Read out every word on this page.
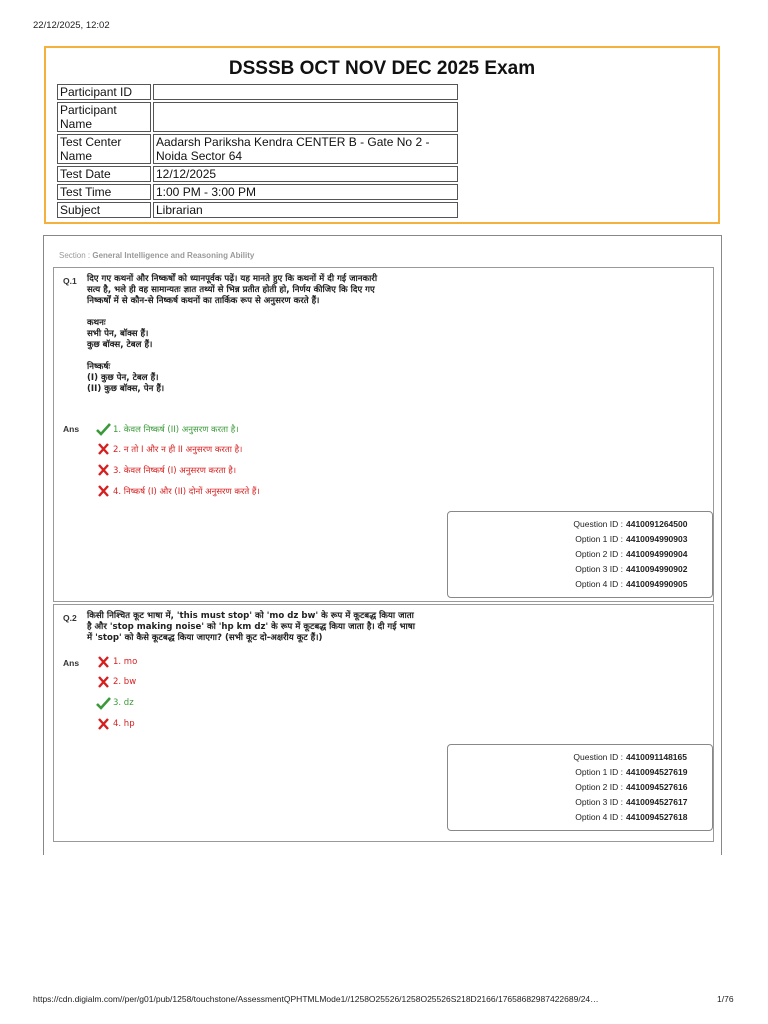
22/12/2025, 12:02
DSSSB OCT NOV DEC 2025 Exam
Participant ID	
Participant Name	
Test Center Name	Aadarsh Pariksha Kendra CENTER B - Gate No 2 - Noida Sector 64
Test Date	12/12/2025
Test Time	1:00 PM - 3:00 PM
Subject	Librarian
Section : General Intelligence and Reasoning Ability
Q.1 दिए गए कथनों और निष्कर्षों को ध्यानपूर्वक पढ़ें। यह मानते हुए कि कथनों में दी गई जानकारी

सत्य है, भले ही वह सामान्यतः ज्ञात तथ्यों से भिन्न प्रतीत होती हो, निर्णय कीजिए कि दिए गए

निष्कर्षों में से कौन-से निष्कर्ष कथनों का तार्किक रूप से अनुसरण करते हैं।

कथनः

सभी पेन, बॉक्स हैं।

कुछ बॉक्स, टेबल हैं।

निष्कर्षः

(I) कुछ पेन, टेबल हैं।

(II) कुछ बॉक्स, पेन हैं।

Ans	1. केवल निष्कर्ष (II) अनुसरण करता है।
2. न तो I और न ही II अनुसरण करता है।
3. केवल निष्कर्ष (I) अनुसरण करता है।
4. निष्कर्ष (I) और (II) दोनों अनुसरण करते हैं।
Question ID : 4410091264500
Option 1 ID : 4410094990903
Option 2 ID : 4410094990904
Option 3 ID : 4410094990902
Option 4 ID : 4410094990905
Q.2 किसी निश्चित कूट भाषा में, 'this must stop' को 'mo dz bw' के रूप में कूटबद्ध किया जाता

है और 'stop making noise' को 'hp km dz' के रूप में कूटबद्ध किया जाता है। दी गई भाषा

में 'stop' को कैसे कूटबद्ध किया जाएगा? (सभी कूट दो-अक्षरीय कूट हैं।)

Ans	1. mo
2. bw
3. dz
4. hp
Question ID : 4410091148165
Option 1 ID : 4410094527619
Option 2 ID : 4410094527616
Option 3 ID : 4410094527617
Option 4 ID : 4410094527618
https://cdn.digialm.com//per/g01/pub/1258/touchstone/AssessmentQPHTMLMode1//1258O25526/1258O25526S218D2166/17658682987422689/24…	1/76
